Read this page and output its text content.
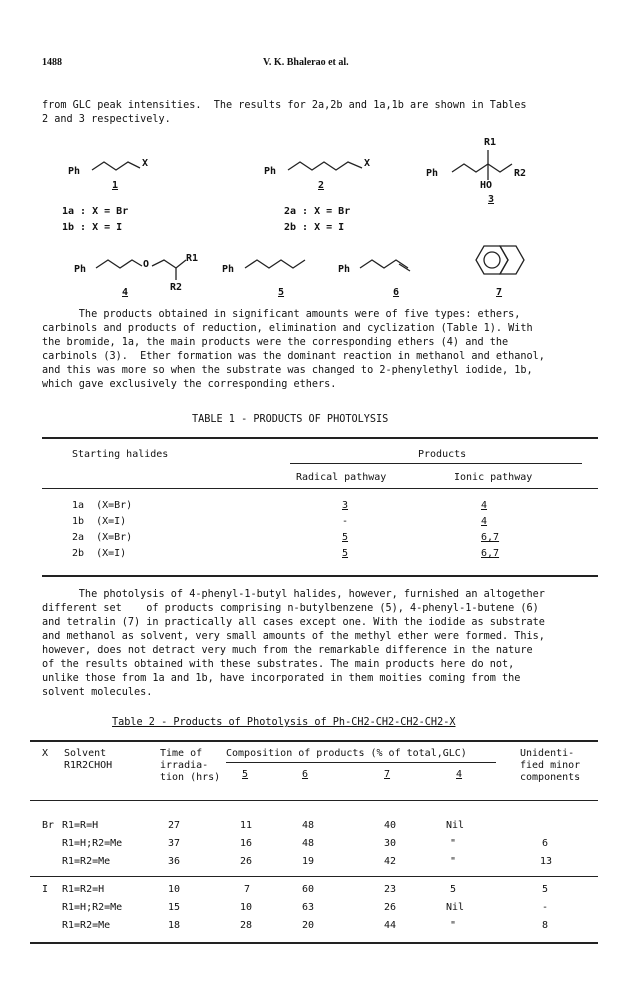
1488	V. K. Bhalerao et al.
from GLC peak intensities.  The results for 2a,2b and 1a,1b are shown in Tables
2 and 3 respectively.
Ph
X
1
1a : X = Br
1b : X = I
Ph
X
2
2a : X = Br
2b : X = I
Ph
R1
R2
HO
3
Ph	O
R1
R2
4
Ph
5
Ph
6	7
The products obtained in significant amounts were of five types: ethers,
carbinols and products of reduction, elimination and cyclization (Table 1). With
the bromide, 1a, the main products were the corresponding ethers (4) and the
carbinols (3).  Ether formation was the dominant reaction in methanol and ethanol,
and this was more so when the substrate was changed to 2-phenylethyl iodide, 1b,
which gave exclusively the corresponding ethers.
TABLE 1 - PRODUCTS OF PHOTOLYSIS
Starting halides	Products
Radical pathway	Ionic pathway
1a  (X=Br)	3	4
1b  (X=I)	-	4
2a  (X=Br)	5	6,7
2b  (X=I)	5	6,7
The photolysis of 4-phenyl-1-butyl halides, however, furnished an altogether
different set    of products comprising n-butylbenzene (5), 4-phenyl-1-butene (6)
and tetralin (7) in practically all cases except one. With the iodide as substrate
and methanol as solvent, very small amounts of the methyl ether were formed. This,
however, does not detract very much from the remarkable difference in the nature
of the results obtained with these substrates. The main products here do not,
unlike those from 1a and 1b, have incorporated in them moities coming from the
solvent molecules.
Table 2 - Products of Photolysis of Ph-CH2-CH2-CH2-CH2-X
X Solvent
R1R2CHOH
Time of
irradia-
tion (hrs)
Composition of products (% of total,GLC)
5	6	7	4
Unidenti-
fied minor
components
Br R1=R=H	27	11	48	40	Nil
R1=H;R2=Me	37	16	48	30	"	6
R1=R2=Me	36	26	19	42	"	13
I R1=R2=H	10	7	60	23	5	5
R1=H;R2=Me	15	10	63	26	Nil	-
R1=R2=Me	18	28	20	44	"	8
